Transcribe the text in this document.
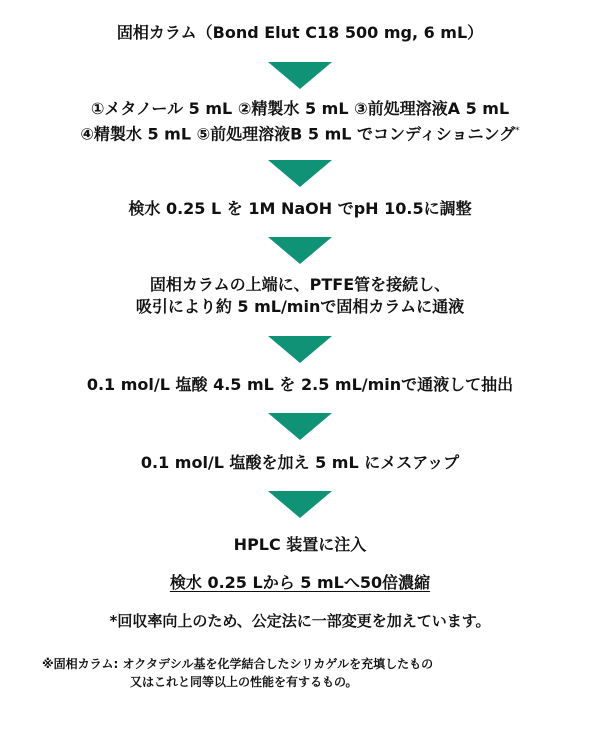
固相カラム（Bond Elut C18 500 mg, 6 mL）
①メタノール 5 mL ②精製水 5 mL ③前処理溶液A 5 mL
④精製水 5 mL ⑤前処理溶液B 5 mL でコンディショニング*
検水 0.25 L を 1M NaOH でpH 10.5に調整
固相カラムの上端に、PTFE管を接続し、
吸引により約 5 mL/minで固相カラムに通液
0.1 mol/L 塩酸 4.5 mL を 2.5 mL/minで通液して抽出
0.1 mol/L 塩酸を加え 5 mL にメスアップ
HPLC 装置に注入
検水 0.25 Lから 5 mLへ50倍濃縮
*回収率向上のため、公定法に一部変更を加えています。
※固相カラム: オクタデシル基を化学結合したシリカゲルを充填したもの
又はこれと同等以上の性能を有するもの。
